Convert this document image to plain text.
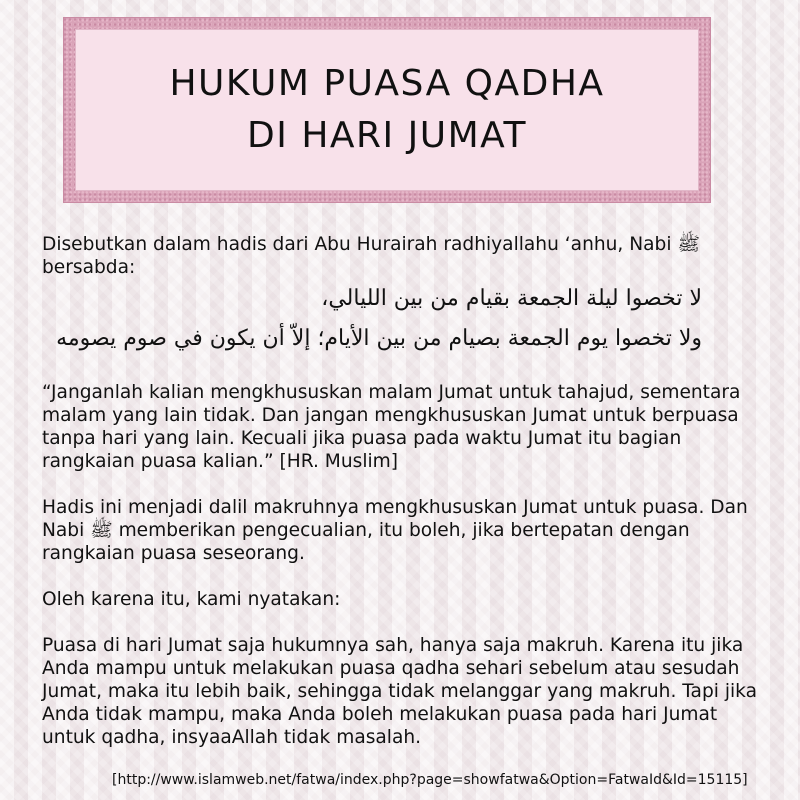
HUKUM PUASA QADHA
DI HARI JUMAT

Disebutkan dalam hadis dari Abu Hurairah radhiyallahu ‘anhu, Nabi ﷺ bersabda:

لا تخصوا ليلة الجمعة بقيام من بين الليالي،
ولا تخصوا يوم الجمعة بصيام من بين الأيام؛ إلاّ أن يكون في صوم يصومه

“Janganlah kalian mengkhususkan malam Jumat untuk tahajud, sementara malam yang lain tidak. Dan jangan mengkhususkan Jumat untuk berpuasa tanpa hari yang lain. Kecuali jika puasa pada waktu Jumat itu bagian rangkaian puasa kalian.” [HR. Muslim]

Hadis ini menjadi dalil makruhnya mengkhususkan Jumat untuk puasa. Dan Nabi ﷺ memberikan pengecualian, itu boleh, jika bertepatan dengan rangkaian puasa seseorang.

Oleh karena itu, kami nyatakan:

Puasa di hari Jumat saja hukumnya sah, hanya saja makruh. Karena itu jika Anda mampu untuk melakukan puasa qadha sehari sebelum atau sesudah Jumat, maka itu lebih baik, sehingga tidak melanggar yang makruh. Tapi jika Anda tidak mampu, maka Anda boleh melakukan puasa pada hari Jumat untuk qadha, insyaaAllah tidak masalah.

[http://www.islamweb.net/fatwa/index.php?page=showfatwa&Option=FatwaId&Id=15115]
